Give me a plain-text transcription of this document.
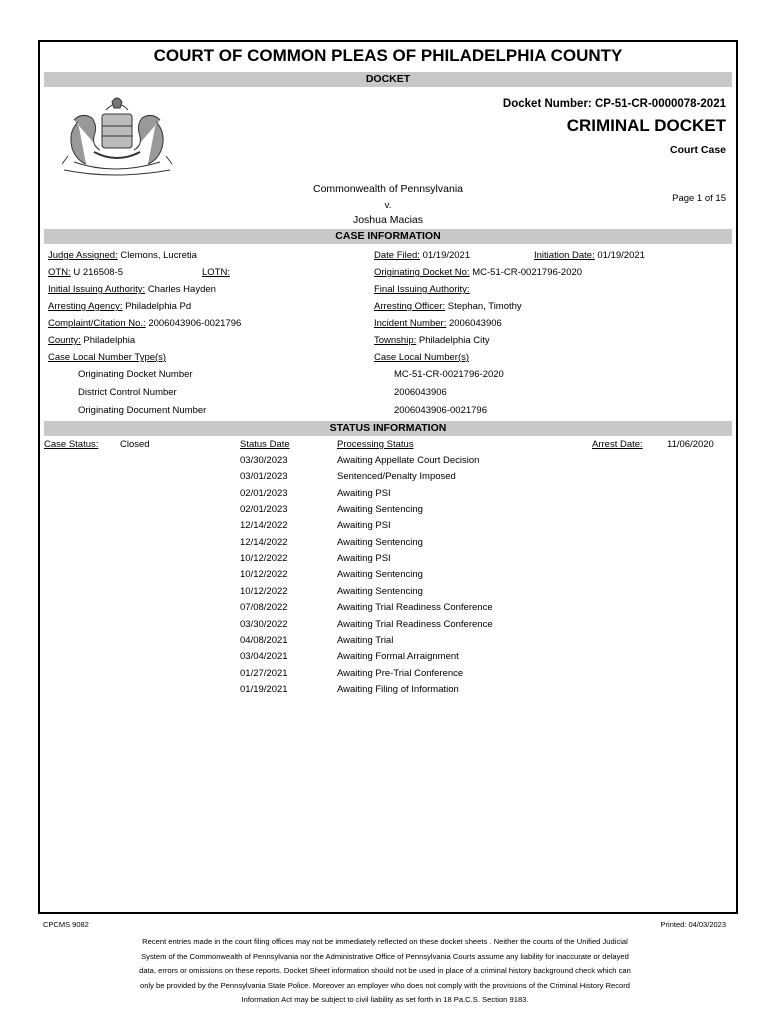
COURT OF COMMON PLEAS OF PHILADELPHIA COUNTY
DOCKET
Docket Number: CP-51-CR-0000078-2021
CRIMINAL DOCKET
Court Case
Commonwealth of Pennsylvania
v.
Joshua Macias
Page 1 of 15
CASE INFORMATION
Judge Assigned: Clemons, Lucretia	Date Filed: 01/19/2021	Initiation Date: 01/19/2021
OTN: U 216508-5	LOTN:	Originating Docket No: MC-51-CR-0021796-2020
Initial Issuing Authority: Charles Hayden	Final Issuing Authority:
Arresting Agency: Philadelphia Pd	Arresting Officer: Stephan, Timothy
Complaint/Citation No.: 2006043906-0021796	Incident Number: 2006043906
County: Philadelphia	Township: Philadelphia City
Case Local Number Type(s)	Case Local Number(s)
Originating Docket Number	MC-51-CR-0021796-2020
District Control Number	2006043906
Originating Document Number	2006043906-0021796
STATUS INFORMATION
Case Status: Closed	Status Date	Processing Status	Arrest Date:	11/06/2020
03/30/2023	Awaiting Appellate Court Decision
03/01/2023	Sentenced/Penalty Imposed
02/01/2023	Awaiting PSI
02/01/2023	Awaiting Sentencing
12/14/2022	Awaiting PSI
12/14/2022	Awaiting Sentencing
10/12/2022	Awaiting PSI
10/12/2022	Awaiting Sentencing
10/12/2022	Awaiting Sentencing
07/08/2022	Awaiting Trial Readiness Conference
03/30/2022	Awaiting Trial Readiness Conference
04/08/2021	Awaiting Trial
03/04/2021	Awaiting Formal Arraignment
01/27/2021	Awaiting Pre-Trial Conference
01/19/2021	Awaiting Filing of Information
CPCMS 9082	Printed: 04/03/2023
Recent entries made in the court filing offices may not be immediately reflected on these docket sheets . Neither the courts of the Unified Judicial
System of the Commonwealth of Pennsylvania nor the Administrative Office of Pennsylvania Courts assume any liability for inaccurate or delayed
data, errors or omissions on these reports. Docket Sheet information should not be used in place of a criminal history background check which can
only be provided by the Pennsylvania State Police. Moreover an employer who does not comply with the provisions of the Criminal History Record
Information Act may be subject to civil liability as set forth in 18 Pa.C.S. Section 9183.
